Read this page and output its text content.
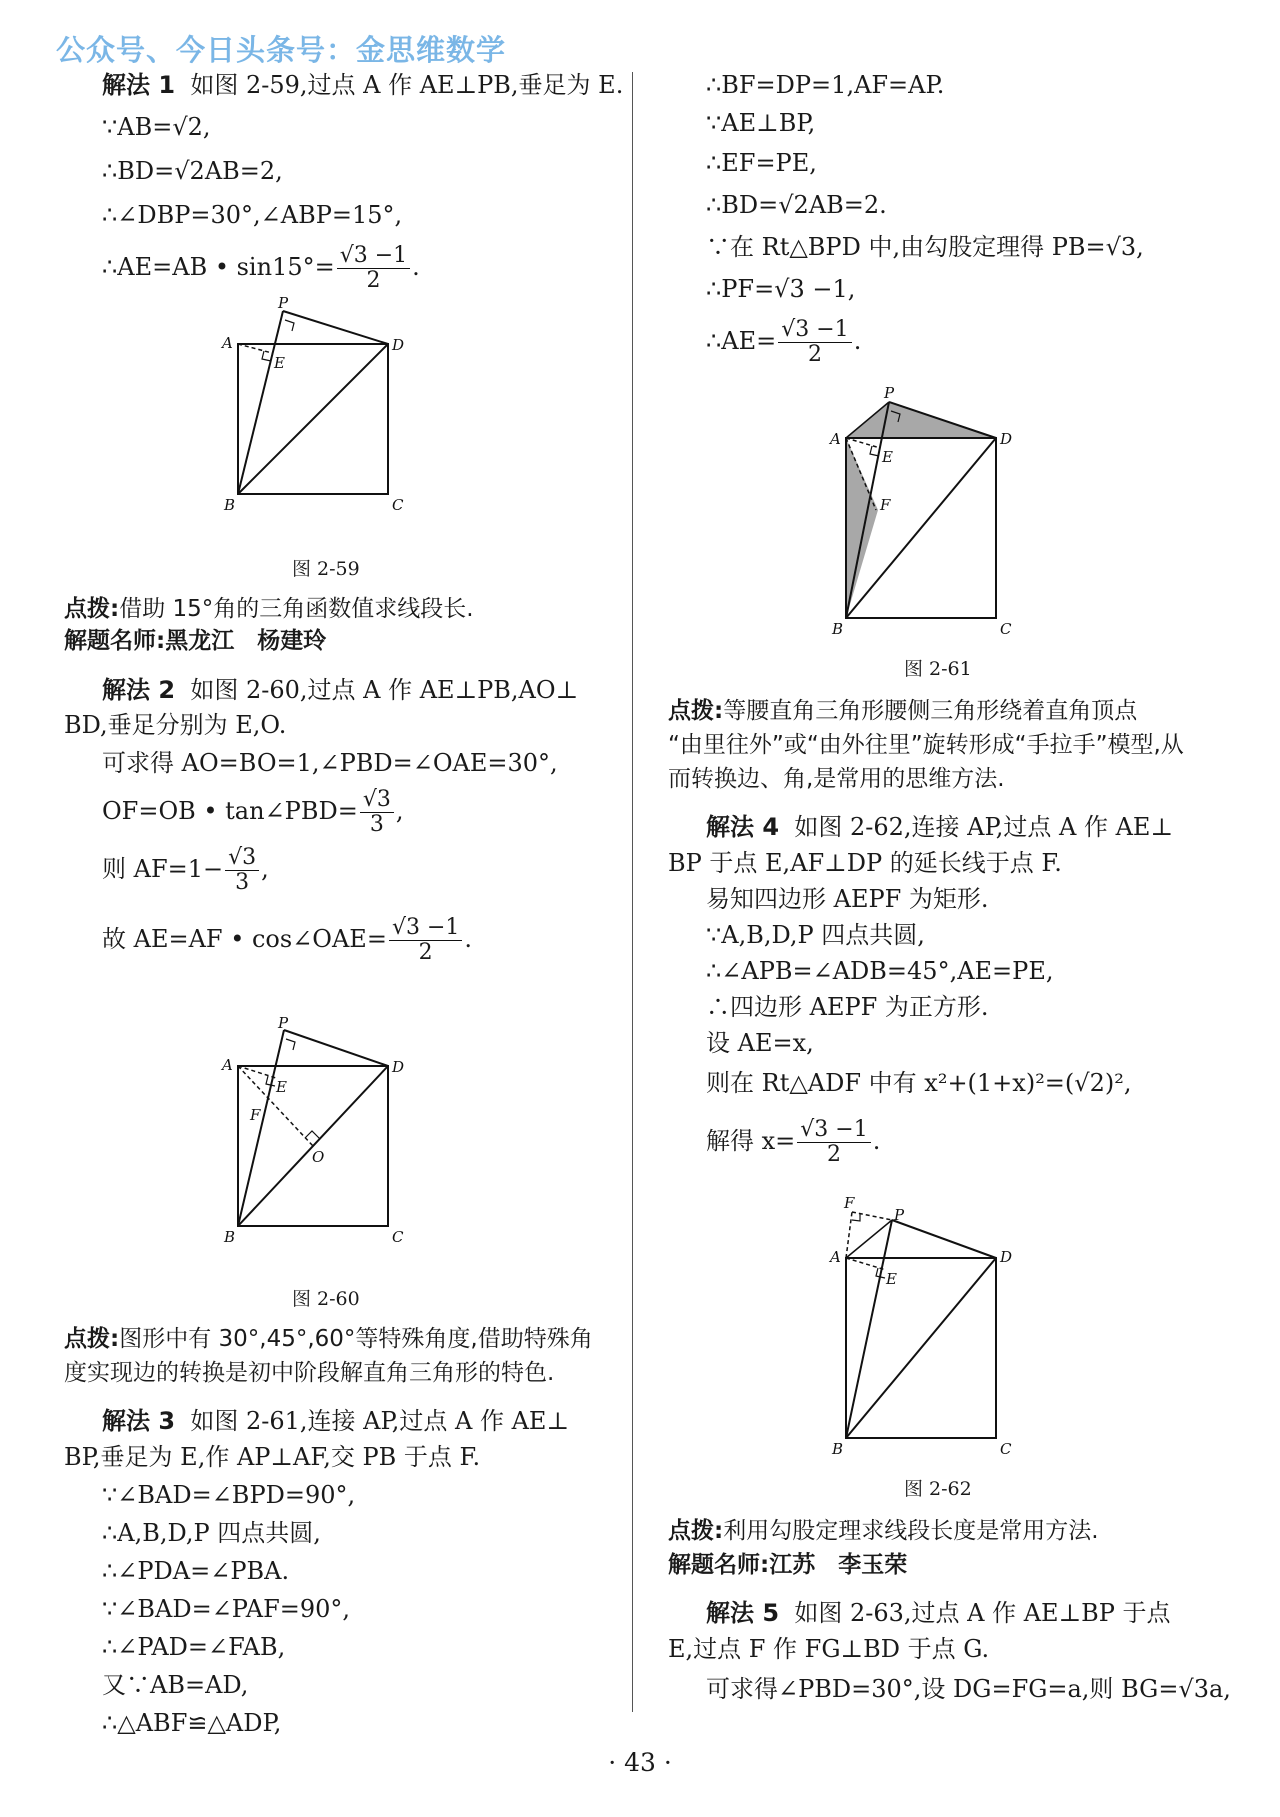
公众号、今日头条号：金思维数学
解法 1 如图 2-59,过点 A 作 AE⊥PB,垂足为 E.
∵AB=√2,
∴BD=√2AB=2,
∴∠DBP=30°,∠ABP=15°,
∴AE=AB • $\sin 15^\circ= \frac{√3 -1}{2}$ .
A
B	C
D
P
E
图 2-59
点拨:借助 15°角的三角函数值求线段长.
解题名师:黑龙江　杨建玲
解法 2 如图 2-60,过点 A 作 AE⊥PB,AO⊥
BD,垂足分别为 E,O.
可求得 AO=BO=1,∠PBD=∠OAE=30°,
OF=OB • tan∠PBD= $\frac{√3}{3}$ ,
则 $AF=1- \frac{√3}{3}$ ,
故 AE=AF • cos∠OAE= $\frac{√3 -1}{2}$ .
A
B	C
D
P
E
F
O
图 2-60
点拨:图形中有 30°,45°,60°等特殊角度,借助特殊角
度实现边的转换是初中阶段解直角三角形的特色.
解法 3 如图 2-61,连接 AP,过点 A 作 AE⊥
BP,垂足为 E,作 AP⊥AF,交 PB 于点 F.
∵∠BAD=∠BPD=90°,
∴A,B,D,P 四点共圆,
∴∠PDA=∠PBA.
∵∠BAD=∠PAF=90°,
∴∠PAD=∠FAB,
又∵AB=AD,
∴△ABF≌△ADP,
∴BF=DP=1,AF=AP.
∵AE⊥BP,
∴EF=PE,
∴BD=√2AB=2.
∵在 Rt△BPD 中,由勾股定理得 PB=√3,
∴PF=√3 −1,
∴AE= $\frac{√3 -1}{2}$ .
A
B	C
D
P
E
F
图 2-61
点拨:等腰直角三角形腰侧三角形绕着直角顶点
“由里往外”或“由外往里”旋转形成“手拉手”模型,从
而转换边、角,是常用的思维方法.
解法 4 如图 2-62,连接 AP,过点 A 作 AE⊥
BP 于点 E,AF⊥DP 的延长线于点 F.
易知四边形 AEPF 为矩形.
∵A,B,D,P 四点共圆,
∴∠APB=∠ADB=45°,AE=PE,
∴四边形 AEPF 为正方形.
设 AE=x,
则在 Rt△ADF 中有 x²+(1+x)²=(√2)²,
解得 $x= \frac{√3 -1}{2}$ .
F
A
B	C
D
P
E
图 2-62
点拨:利用勾股定理求线段长度是常用方法.
解题名师:江苏　李玉荣
解法 5 如图 2-63,过点 A 作 AE⊥BP 于点
E,过点 F 作 FG⊥BD 于点 G.
可求得∠PBD=30°,设 DG=FG=a,则 BG=√3a,
· 43 ·
